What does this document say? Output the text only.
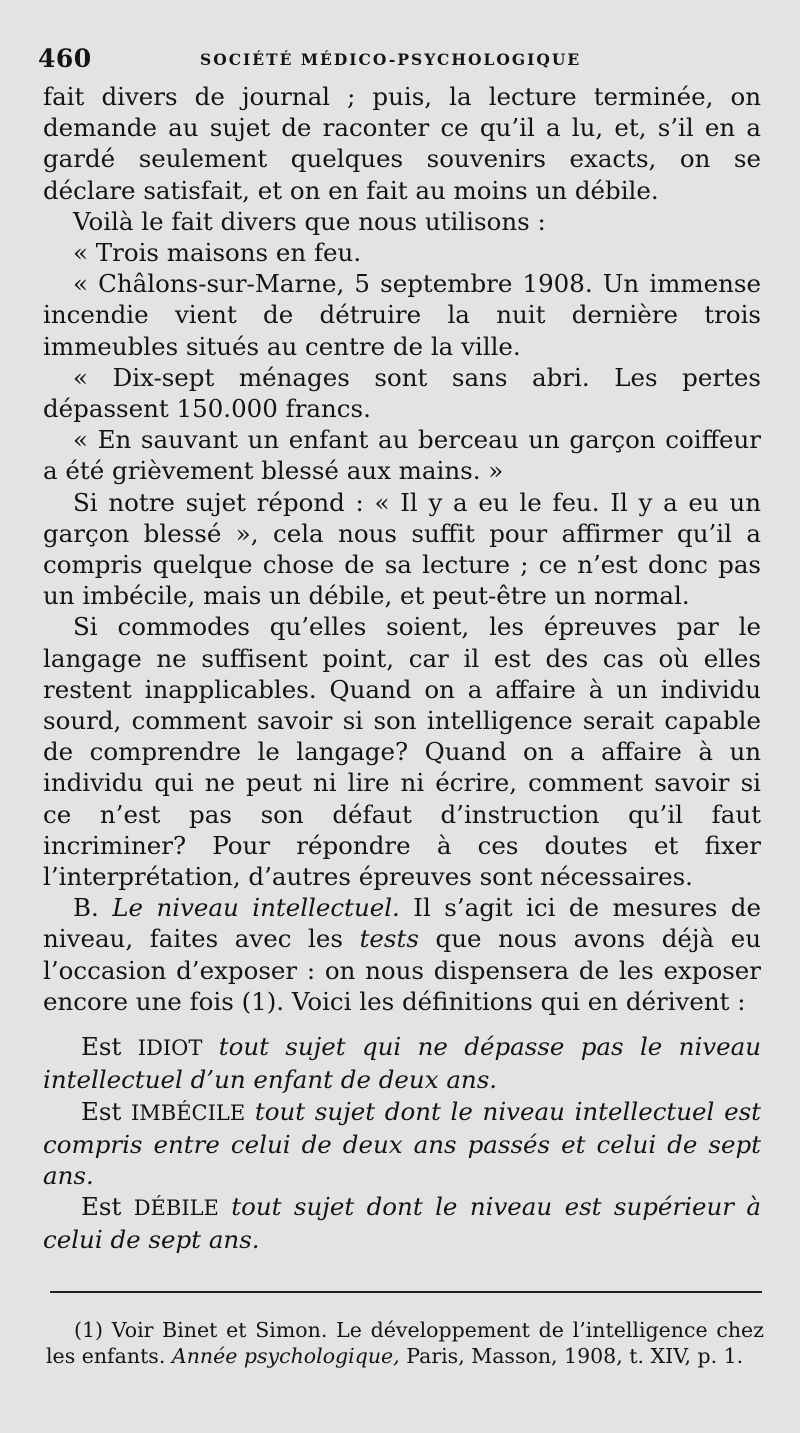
460	SOCIÉTÉ MÉDICO-PSYCHOLOGIQUE

fait divers de journal ; puis, la lecture terminée, on demande au sujet de raconter ce qu’il a lu, et, s’il en a gardé seulement quelques souvenirs exacts, on se déclare satisfait, et on en fait au moins un débile.

Voilà le fait divers que nous utilisons :

« Trois maisons en feu.

« Châlons-sur-Marne, 5 septembre 1908. Un immense incendie vient de détruire la nuit dernière trois immeubles situés au centre de la ville.

« Dix-sept ménages sont sans abri. Les pertes dépassent 150.000 francs.

« En sauvant un enfant au berceau un garçon coiffeur a été grièvement blessé aux mains. »

Si notre sujet répond : « Il y a eu le feu. Il y a eu un garçon blessé », cela nous suffit pour affirmer qu’il a compris quelque chose de sa lecture ; ce n’est donc pas un imbécile, mais un débile, et peut-être un normal.

Si commodes qu’elles soient, les épreuves par le langage ne suffisent point, car il est des cas où elles restent inapplicables. Quand on a affaire à un individu sourd, comment savoir si son intelligence serait capable de comprendre le langage? Quand on a affaire à un individu qui ne peut ni lire ni écrire, comment savoir si ce n’est pas son défaut d’instruction qu’il faut incriminer? Pour répondre à ces doutes et fixer l’interprétation, d’autres épreuves sont nécessaires.

B. Le niveau intellectuel. Il s’agit ici de mesures de niveau, faites avec les tests que nous avons déjà eu l’occasion d’exposer : on nous dispensera de les exposer encore une fois (1). Voici les définitions qui en dérivent :

Est IDIOT tout sujet qui ne dépasse pas le niveau intellectuel d’un enfant de deux ans.

Est IMBÉCILE tout sujet dont le niveau intellectuel est compris entre celui de deux ans passés et celui de sept ans.

Est DÉBILE tout sujet dont le niveau est supérieur à celui de sept ans.

(1) Voir Binet et Simon. Le développement de l’intelligence chez les enfants. Année psychologique, Paris, Masson, 1908, t. XIV, p. 1.
